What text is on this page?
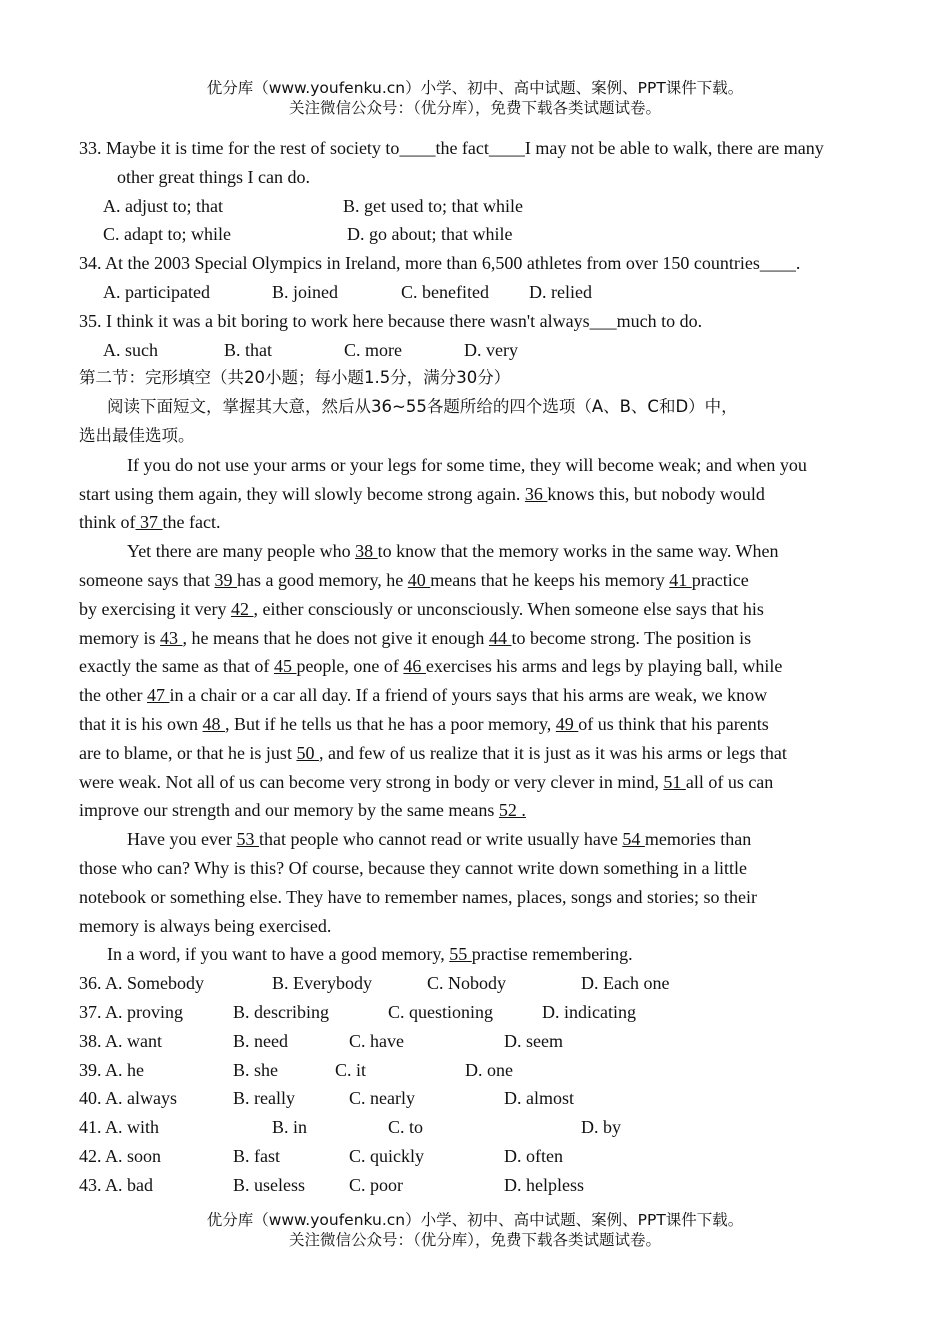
优分库（www.youfenku.cn）小学、初中、高中试题、案例、PPT课件下载。
关注微信公众号：（优分库），免费下载各类试题试卷。
33. Maybe it is time for the rest of society to____the fact____I may not be able to walk, there are many
other great things I can do.
A. adjust to; that	B. get used to; that while
C. adapt to; while	D. go about; that while
34. At the 2003 Special Olympics in Ireland, more than 6,500 athletes from over 150 countries____.
A. participated	B. joined	C. benefited D. relied
35. I think it was a bit boring to work here because there wasn't always___much to do.
A. such	B. that	C. more	D. very
第二节：完形填空（共20小题；每小题1.5分，满分30分）
阅读下面短文，掌握其大意，然后从36~55各题所给的四个选项（A、B、C和D）中，
选出最佳选项。
If you do not use your arms or your legs for some time, they will become weak; and when you
start using them again, they will slowly become strong again. 36 knows this, but nobody would
think of 37 the fact.
Yet there are many people who 38 to know that the memory works in the same way. When
someone says that 39 has a good memory, he 40 means that he keeps his memory 41 practice
by exercising it very 42 , either consciously or unconsciously. When someone else says that his
memory is 43 , he means that he does not give it enough 44 to become strong. The position is
exactly the same as that of 45 people, one of 46 exercises his arms and legs by playing ball, while
the other 47 in a chair or a car all day. If a friend of yours says that his arms are weak, we know
that it is his own 48 , But if he tells us that he has a poor memory, 49 of us think that his parents
are to blame, or that he is just 50 , and few of us realize that it is just as it was his arms or legs that
were weak. Not all of us can become very strong in body or very clever in mind, 51 all of us can
improve our strength and our memory by the same means 52 .
Have you ever 53 that people who cannot read or write usually have 54 memories than
those who can? Why is this? Of course, because they cannot write down something in a little
notebook or something else. They have to remember names, places, songs and stories; so their
memory is always being exercised.
In a word, if you want to have a good memory, 55 practise remembering.
36. A. Somebody	B. Everybody	C. Nobody	D. Each one
37. A. proving	B. describing	C. questioning	D. indicating
38. A. want	B. need	C. have	D. seem
39. A. he	B. she	C. it	D. one
40. A. always	B. really	C. nearly	D. almost
41. A. with	B. in	C. to	D. by
42. A. soon	B. fast	C. quickly	D. often
43. A. bad	B. useless C. poor	D. helpless
优分库（www.youfenku.cn）小学、初中、高中试题、案例、PPT课件下载。
关注微信公众号：（优分库），免费下载各类试题试卷。
